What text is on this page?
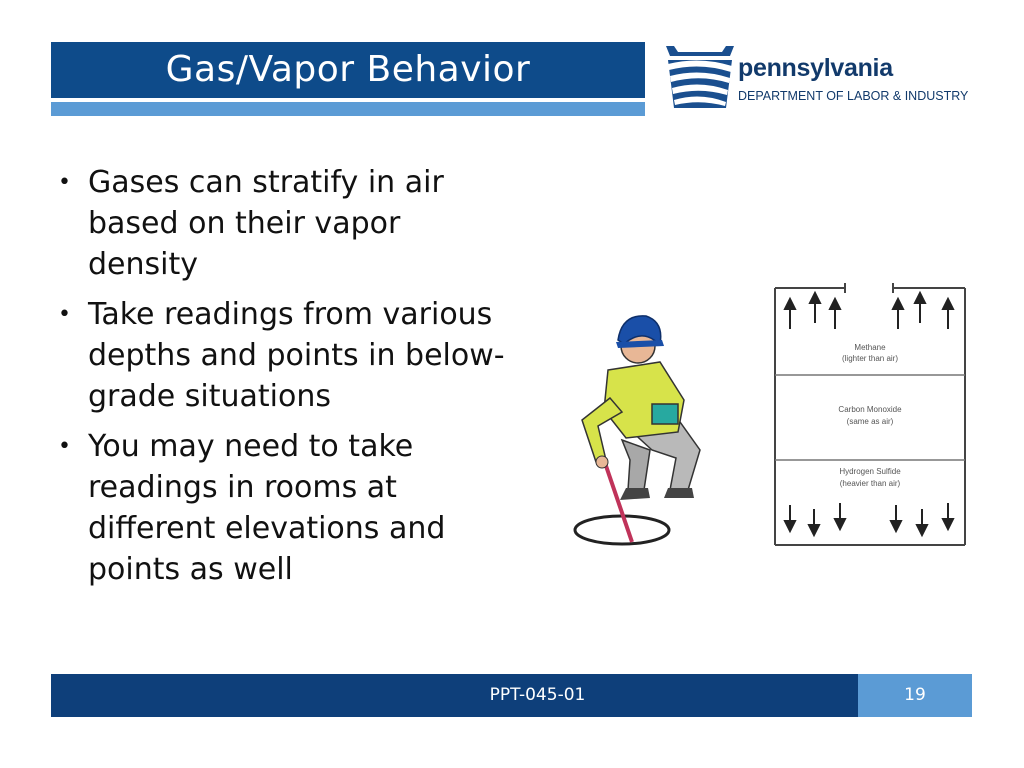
Gas/Vapor Behavior	pennsylvania
DEPARTMENT OF LABOR & INDUSTRY
• Gases can stratify in air based on their vapor density
• Take readings from various depths and points in below-grade situations
• You may need to take readings in rooms at different elevations and points as well
Methane
(lighter than air)
Carbon Monoxide
(same as air)
Hydrogen Sulfide
(heavier than air)
PPT-045-01	19
